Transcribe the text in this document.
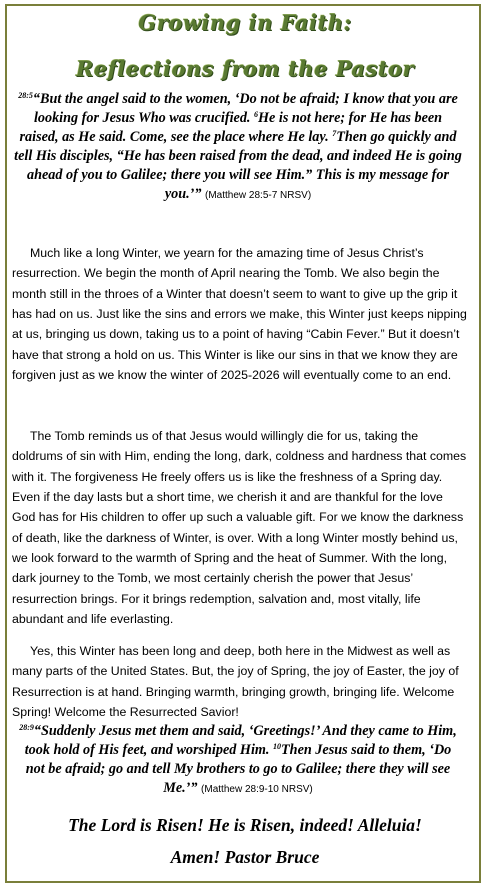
Growing in Faith:
Reflections from the Pastor

$^{28:5}$“But the angel said to the women, ‘Do not be afraid; I know that you are looking for Jesus Who was crucified. $^6$He is not here; for He has been raised, as He said. Come, see the place where He lay. $^7$Then go quickly and tell His disciples, “He has been raised from the dead, and indeed He is going ahead of you to Galilee; there you will see Him.” This is my message for you.’” (Matthew 28:5-7 NRSV)

Much like a long Winter, we yearn for the amazing time of Jesus Christ’s resurrection. We begin the month of April nearing the Tomb. We also begin the month still in the throes of a Winter that doesn’t seem to want to give up the grip it has had on us. Just like the sins and errors we make, this Winter just keeps nipping at us, bringing us down, taking us to a point of having “Cabin Fever.” But it doesn’t have that strong a hold on us. This Winter is like our sins in that we know they are forgiven just as we know the winter of 2025-2026 will eventually come to an end.

The Tomb reminds us of that Jesus would willingly die for us, taking the doldrums of sin with Him, ending the long, dark, coldness and hardness that comes with it. The forgiveness He freely offers us is like the freshness of a Spring day. Even if the day lasts but a short time, we cherish it and are thankful for the love God has for His children to offer up such a valuable gift. For we know the darkness of death, like the darkness of Winter, is over. With a long Winter mostly behind us, we look forward to the warmth of Spring and the heat of Summer. With the long, dark journey to the Tomb, we most certainly cherish the power that Jesus’ resurrection brings. For it brings redemption, salvation and, most vitally, life abundant and life everlasting.

Yes, this Winter has been long and deep, both here in the Midwest as well as many parts of the United States. But, the joy of Spring, the joy of Easter, the joy of Resurrection is at hand. Bringing warmth, bringing growth, bringing life. Welcome Spring! Welcome the Resurrected Savior!

$^{28:9}$“Suddenly Jesus met them and said, ‘Greetings!’ And they came to Him, took hold of His feet, and worshiped Him. $^{10}$Then Jesus said to them, ‘Do not be afraid; go and tell My brothers to go to Galilee; there they will see Me.’” (Matthew 28:9-10 NRSV)

The Lord is Risen! He is Risen, indeed! Alleluia!

Amen! Pastor Bruce
